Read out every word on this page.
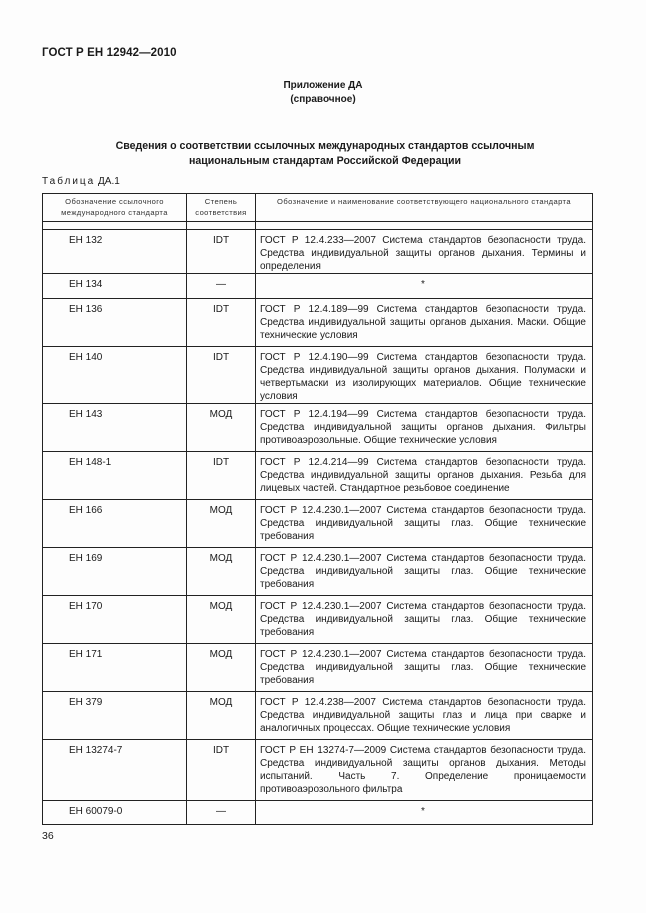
ГОСТ Р ЕН 12942—2010
Приложение ДА
(справочное)
Сведения о соответствии ссылочных международных стандартов ссылочным
национальным стандартам Российской Федерации
Таблица ДА.1
Обозначение ссылочного международного стандарта	Степень соответствия	Обозначение и наименование соответствующего национального стандарта

ЕН 132	IDT	ГОСТ Р 12.4.233—2007 Система стандартов безопасности труда. Средства индивидуальной защиты органов дыхания. Термины и определения
ЕН 134	—	*
ЕН 136	IDT	ГОСТ Р 12.4.189—99 Система стандартов безопасности труда. Средства индивидуальной защиты органов дыхания. Маски. Общие технические условия
ЕН 140	IDT	ГОСТ Р 12.4.190—99 Система стандартов безопасности труда. Средства индивидуальной защиты органов дыхания. Полумаски и четвертьмаски из изолирующих материалов. Общие технические условия
ЕН 143	МОД	ГОСТ Р 12.4.194—99 Система стандартов безопасности труда. Средства индивидуальной защиты органов дыхания. Фильтры противоаэрозольные. Общие технические условия
ЕН 148-1	IDT	ГОСТ Р 12.4.214—99 Система стандартов безопасности труда. Средства индивидуальной защиты органов дыхания. Резьба для лицевых частей. Стандартное резьбовое соединение
ЕН 166	МОД	ГОСТ Р 12.4.230.1—2007 Система стандартов безопасности труда. Средства индивидуальной защиты глаз. Общие технические требования
ЕН 169	МОД	ГОСТ Р 12.4.230.1—2007 Система стандартов безопасности труда. Средства индивидуальной защиты глаз. Общие технические требования
ЕН 170	МОД	ГОСТ Р 12.4.230.1—2007 Система стандартов безопасности труда. Средства индивидуальной защиты глаз. Общие технические требования
ЕН 171	МОД	ГОСТ Р 12.4.230.1—2007 Система стандартов безопасности труда. Средства индивидуальной защиты глаз. Общие технические требования
ЕН 379	МОД	ГОСТ Р 12.4.238—2007 Система стандартов безопасности труда. Средства индивидуальной защиты глаз и лица при сварке и аналогичных процессах. Общие технические условия
ЕН 13274-7	IDT	ГОСТ Р ЕН 13274-7—2009 Система стандартов безопасности труда. Средства индивидуальной защиты органов дыхания. Методы испытаний. Часть 7. Определение проницаемости противоаэрозольного фильтра
ЕН 60079-0	—	*
36
